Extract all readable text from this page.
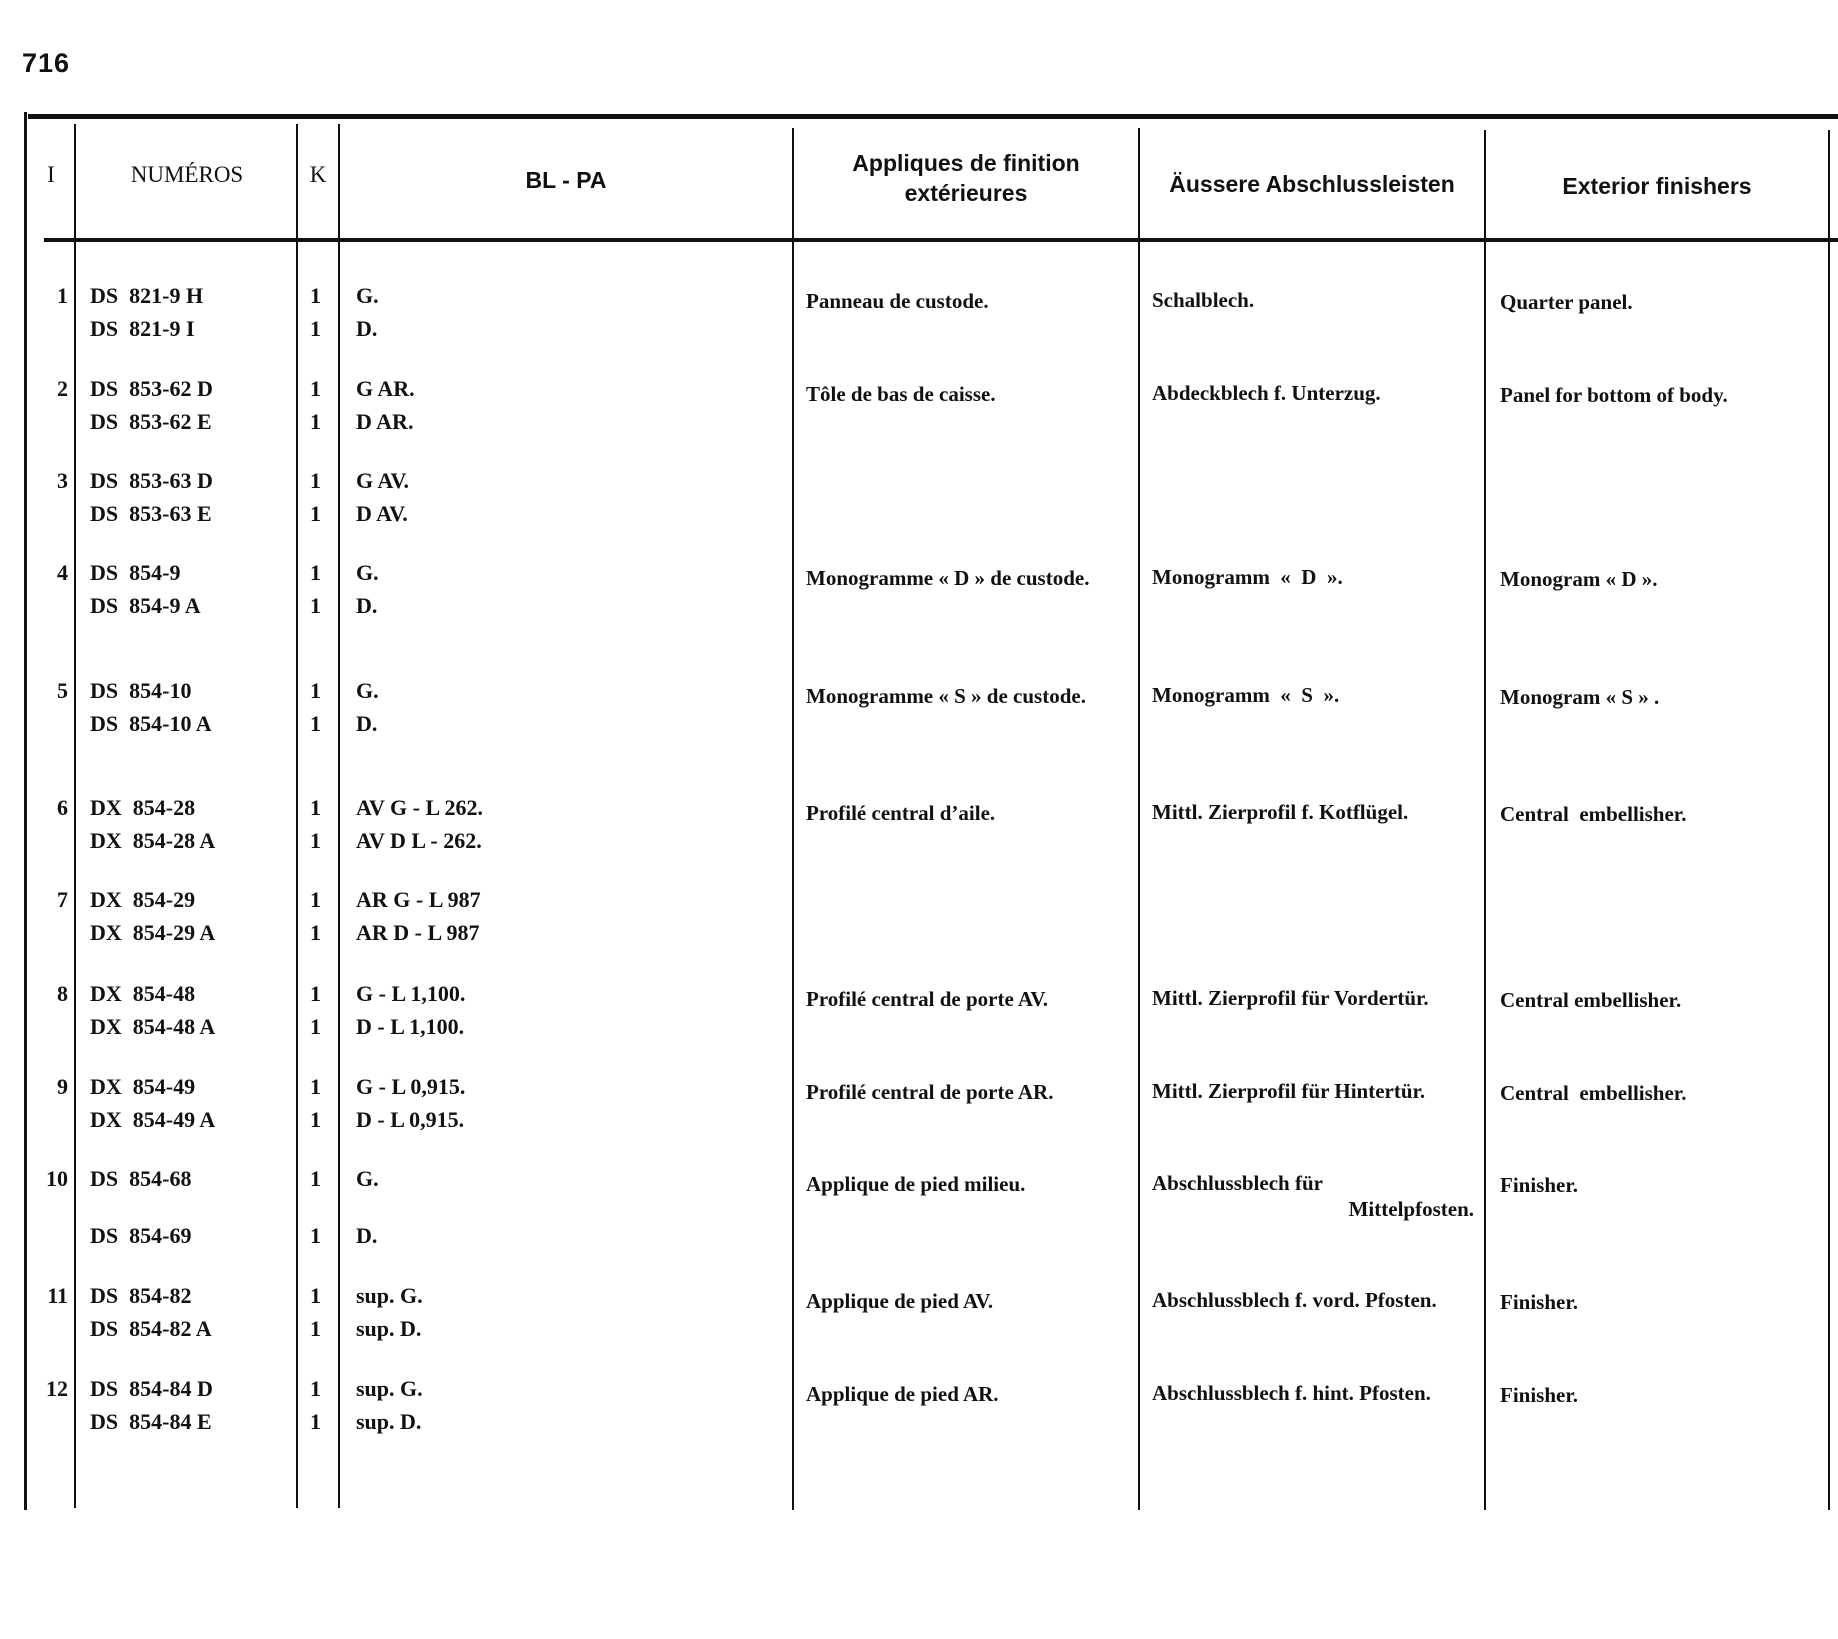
716
I	NUMÉROS	K	BL - PA
Appliques de finition
extérieures	Äussere Abschlussleisten	Exterior finishers
1 DS  821-9 H	1 G.
DS  821-9 I	1 D.
Panneau de custode.	Schalblech.	Quarter panel.
2 DS  853-62 D	1 G AR.
DS  853-62 E	1 D AR.
Tôle de bas de caisse.	Abdeckblech f. Unterzug.	Panel for bottom of body.
3 DS  853-63 D	1 G AV.
DS  853-63 E	1 D AV.
4 DS  854-9	1 G.
DS  854-9 A	1 D.
Monogramme « D » de custode.	Monogramm  «  D  ».	Monogram « D ».
5 DS  854-10	1 G.
DS  854-10 A	1 D.
Monogramme « S » de custode.	Monogramm  «  S  ».	Monogram « S » .
6 DX  854-28	1 AV G - L 262.
DX  854-28 A	1 AV D L - 262.
Profilé central d’aile.	Mittl. Zierprofil f. Kotflügel.	Central  embellisher.
7 DX  854-29	1 AR G - L 987
DX  854-29 A	1 AR D - L 987
8 DX  854-48	1 G - L 1,100.
DX  854-48 A	1 D - L 1,100.
Profilé central de porte AV.	Mittl. Zierprofil für Vordertür.	Central embellisher.
9 DX  854-49	1 G - L 0,915.
DX  854-49 A	1 D - L 0,915.
Profilé central de porte AR.	Mittl. Zierprofil für Hintertür.	Central  embellisher.
10 DS  854-68	1 G.
DS  854-69	1 D.
Applique de pied milieu.	Abschlussblech für
Mittelpfosten.
Finisher.
11 DS  854-82	1 sup. G.
DS  854-82 A	1 sup. D.
Applique de pied AV.	Abschlussblech f. vord. Pfosten.	Finisher.
12 DS  854-84 D	1 sup. G.
DS  854-84 E	1 sup. D.
Applique de pied AR.	Abschlussblech f. hint. Pfosten.	Finisher.
